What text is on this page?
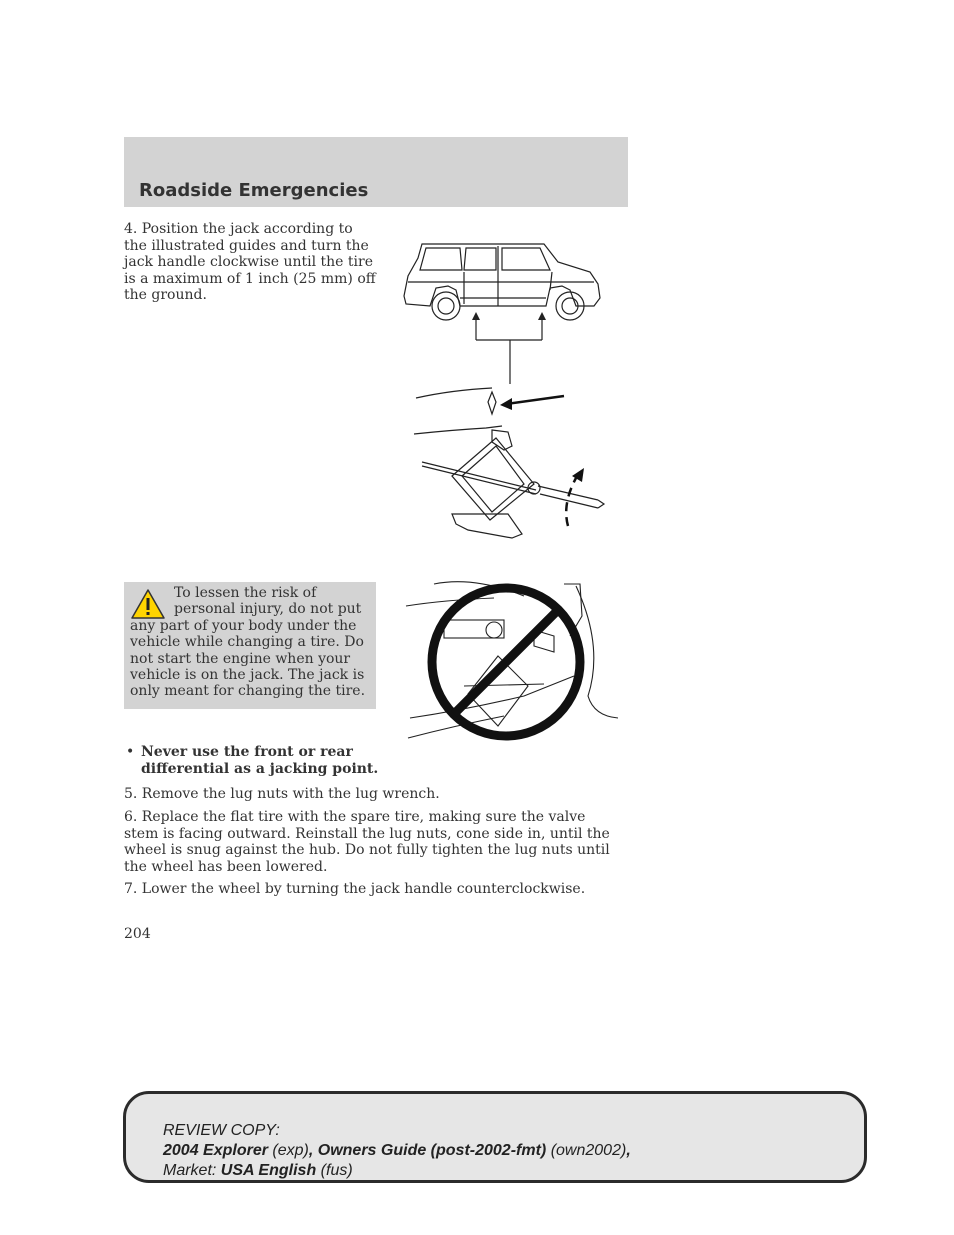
Roadside Emergencies
4. Position the jack according to the illustrated guides and turn the jack handle clockwise until the tire is a maximum of 1 inch (25 mm) off the ground.
To lessen the risk of personal injury, do not put any part of your body under the vehicle while changing a tire. Do not start the engine when your vehicle is on the jack. The jack is only meant for changing the tire.
• Never use the front or rear differential as a jacking point.
5. Remove the lug nuts with the lug wrench.
6. Replace the flat tire with the spare tire, making sure the valve stem is facing outward. Reinstall the lug nuts, cone side in, until the wheel is snug against the hub. Do not fully tighten the lug nuts until the wheel has been lowered.
7. Lower the wheel by turning the jack handle counterclockwise.
204
REVIEW COPY:
2004 Explorer (exp), Owners Guide (post-2002-fmt) (own2002),
Market: USA English (fus)
